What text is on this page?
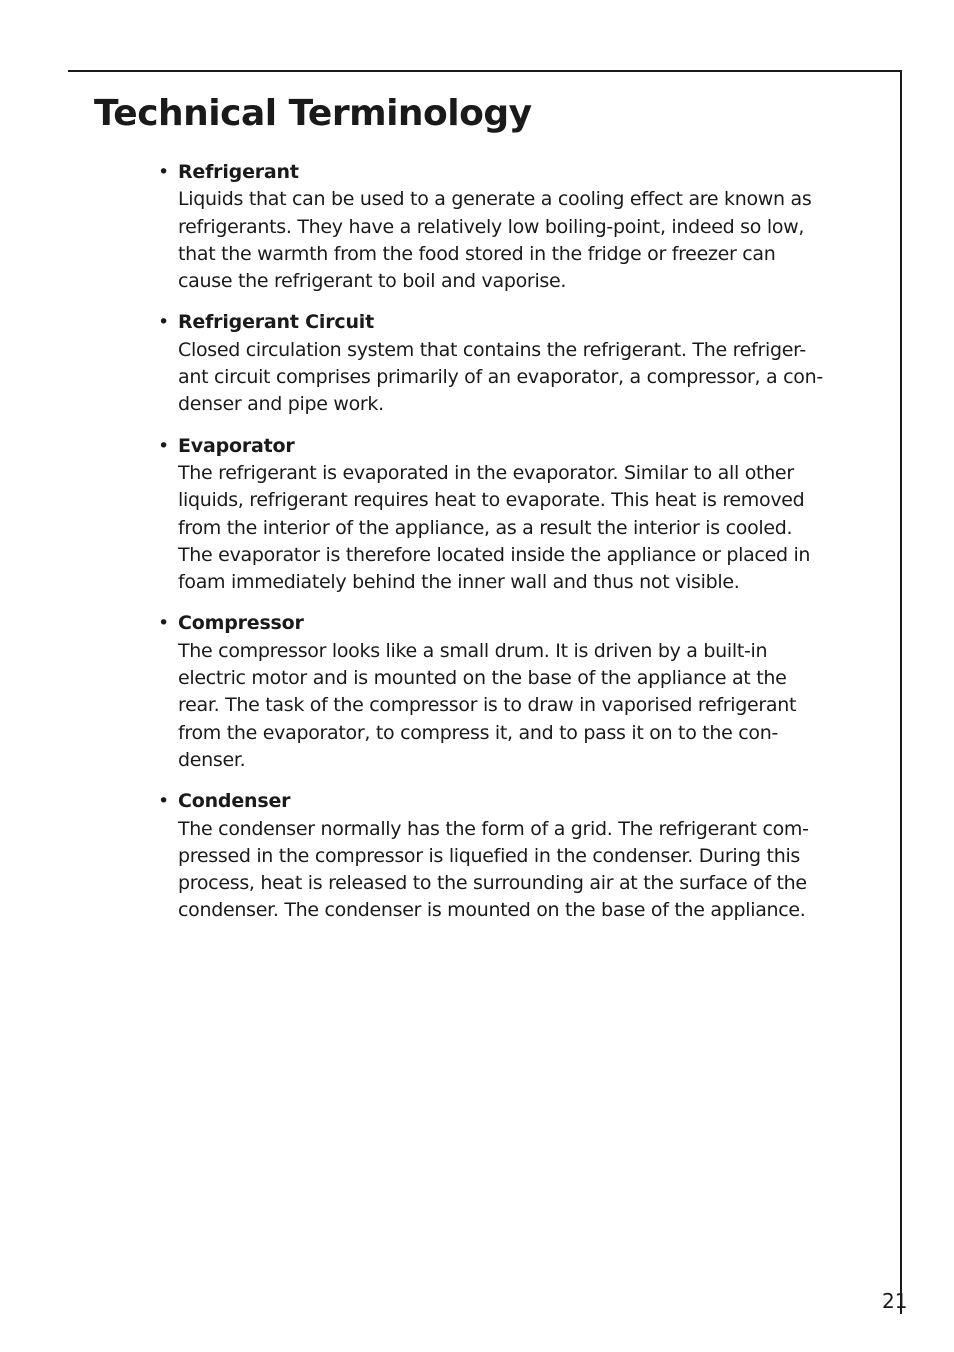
Technical Terminology
• Refrigerant

Liquids that can be used to a generate a cooling effect are known as
refrigerants. They have a relatively low boiling-point, indeed so low,
that the warmth from the food stored in the fridge or freezer can
cause the refrigerant to boil and vaporise.

• Refrigerant Circuit

Closed circulation system that contains the refrigerant. The refriger-
ant circuit comprises primarily of an evaporator, a compressor, a con-
denser and pipe work.

• Evaporator

The refrigerant is evaporated in the evaporator. Similar to all other
liquids, refrigerant requires heat to evaporate. This heat is removed
from the interior of the appliance, as a result the interior is cooled.
The evaporator is therefore located inside the appliance or placed in
foam immediately behind the inner wall and thus not visible.

• Compressor

The compressor looks like a small drum. It is driven by a built-in
electric motor and is mounted on the base of the appliance at the
rear. The task of the compressor is to draw in vaporised refrigerant
from the evaporator, to compress it, and to pass it on to the con-
denser.

• Condenser

The condenser normally has the form of a grid. The refrigerant com-
pressed in the compressor is liquefied in the condenser. During this
process, heat is released to the surrounding air at the surface of the
condenser. The condenser is mounted on the base of the appliance.

21
